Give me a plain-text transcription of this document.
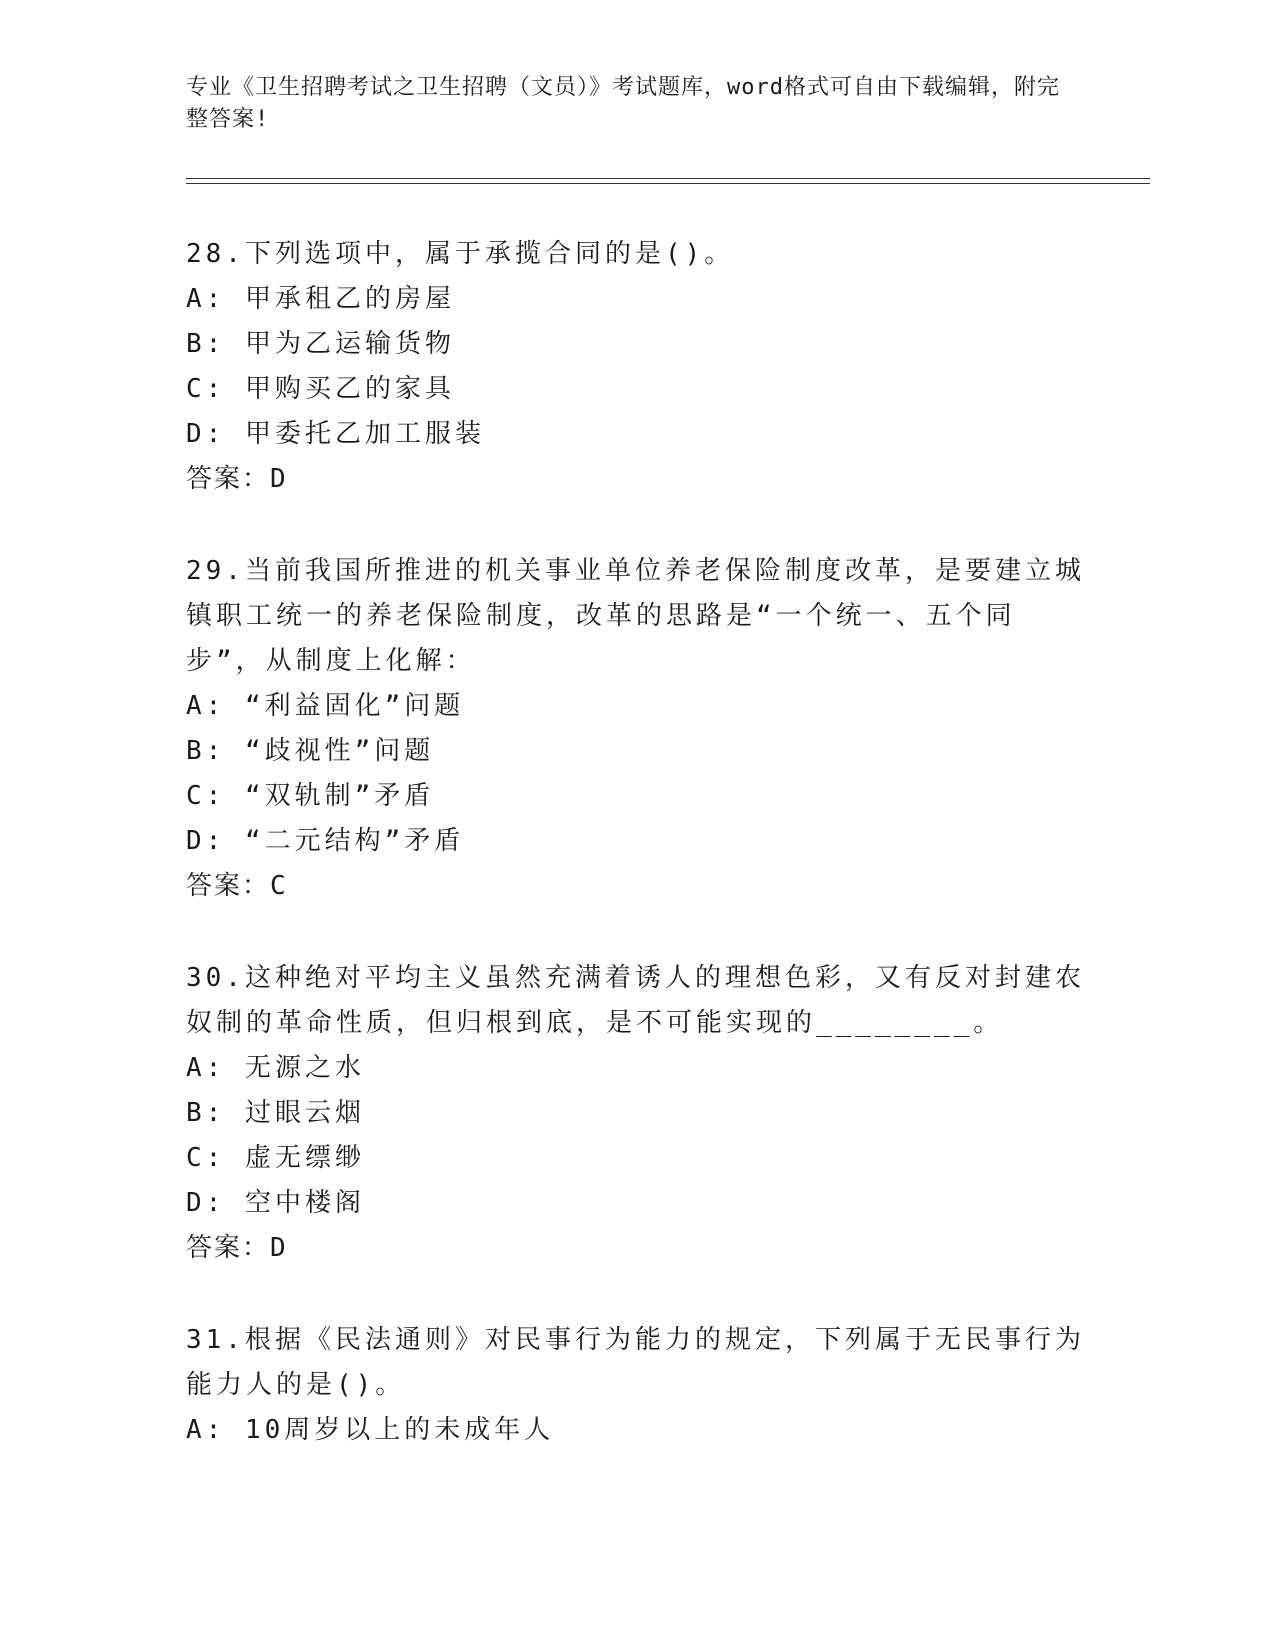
专业《卫生招聘考试之卫生招聘（文员）》考试题库，word格式可自由下载编辑，附完整答案!
28.下列选项中，属于承揽合同的是()。
A: 甲承租乙的房屋
B: 甲为乙运输货物
C: 甲购买乙的家具
D: 甲委托乙加工服装
答案：D
29.当前我国所推进的机关事业单位养老保险制度改革，是要建立城镇职工统一的养老保险制度，改革的思路是“一个统一、五个同步”，从制度上化解：
A: “利益固化”问题
B: “歧视性”问题
C: “双轨制”矛盾
D: “二元结构”矛盾
答案：C
30.这种绝对平均主义虽然充满着诱人的理想色彩，又有反对封建农奴制的革命性质，但归根到底，是不可能实现的________。
A: 无源之水
B: 过眼云烟
C: 虚无缥缈
D: 空中楼阁
答案：D
31.根据《民法通则》对民事行为能力的规定，下列属于无民事行为能力人的是()。
A: 10周岁以上的未成年人
